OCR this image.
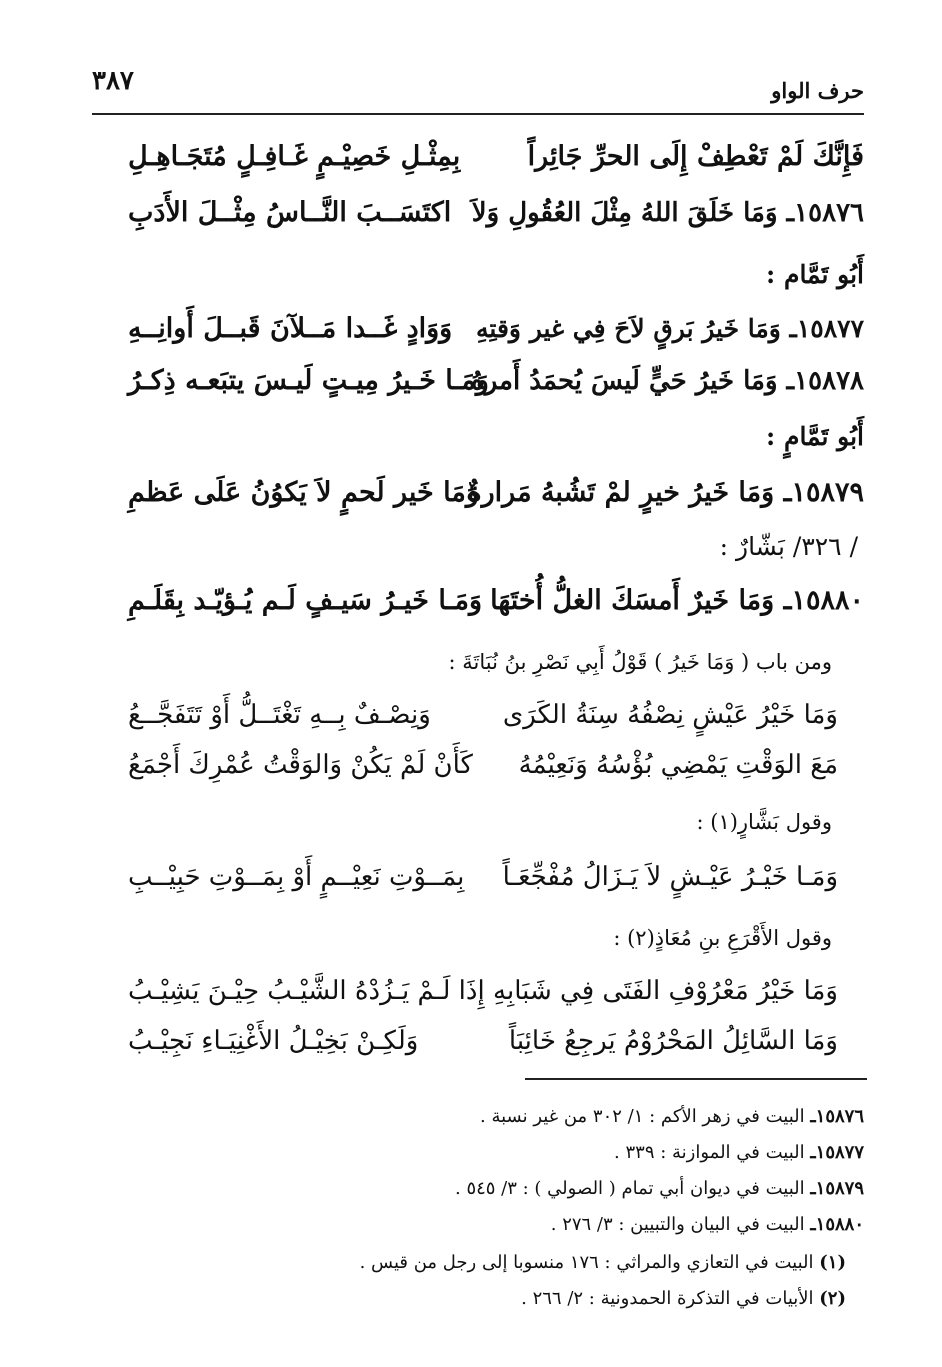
حرف الواو
٣٨٧
فَإِنَّكَ لَمْ تَعْطِفْ إِلَى الحرِّ جَائِراً
بِمِثْـلِ خَصِيْـمٍ غَـافِـلٍ مُتَجَـاهِـلِ
١٥٨٧٦ـ وَمَا خَلَقَ اللهُ مِثْلَ العُقُولِ وَلاَ
اكتَسَــبَ النَّــاسُ مِثْــلَ الأَدَبِ
أَبُو تَمَّام :
١٥٨٧٧ـ وَمَا خَيرُ بَرقٍ لاَحَ فِي غير وَقتِهِ
وَوَادٍ غَــدا مَــلآنَ قَبــلَ أَوانِــهِ
١٥٨٧٨ـ وَمَا خَيرُ حَيٍّ لَيسَ يُحمَدُ أَمرهُ
وَمَـا خَـيرُ مِيـتٍ لَيـسَ يتبَعـه ذِكـرُ
أَبُو تَمَّامٍ :
١٥٨٧٩ـ وَمَا خَيرُ خيرٍ لمْ تَشُبهُ مَرارةٌ
وَمَا خَير لَحمٍ لاَ يَكوُنُ عَلَى عَظمِ
/ ٣٢٦/ بَشّارٌ :
١٥٨٨٠ـ وَمَا خَيرٌ أَمسَكَ الغلُّ أُختَهَا
وَمَـا خَيـرُ سَيـفٍ لَـم يُـؤيّـد بِقَلَـمِ
ومن باب ( وَمَا خَيرُ ) قَوْلُ أَبِي نَصْرِ بنُ نُبَاتَةَ :
وَمَا خَيْرُ عَيْشٍ نِصْفُهُ سِنَةُ الكَرَى
وَنِصْـفٌ بِــهِ تَغْتَــلُّ أَوْ تَتَفَجَّــعُ
مَعَ الوَقْتِ يَمْضِي بُؤْسُهُ وَنَعِيْمُهُ
كَأَنْ لَمْ يَكُنْ وَالوَقْتُ عُمْرِكَ أَجْمَعُ
وقول بَشَّارٍ(١) :
وَمَـا خَيْـرُ عَيْـشٍ لاَ يَـزَالُ مُفْجِّعَـاً
بِمَــوْتِ نَعِيْــمٍ أَوْ بِمَــوْتِ حَبِيْــبِ
وقول الأَقْرَعِ بنِ مُعَاذٍ(٢) :
وَمَا خَيْرُ مَعْرُوْفِ الفَتَى فِي شَبَابِهِ
إِذَا لَـمْ يَـزُدْهُ الشَّيْـبُ حِيْـنَ يَشِيْـبُ
وَمَا السَّائِلُ المَحْرُوْمُ يَرجِعُ خَائِبَاً
وَلَكِـنْ بَخِيْـلُ الأَغْنِيَـاءِ نَجِيْـبُ
١٥٨٧٦ـ البيت في زهر الأكم : ١/ ٣٠٢ من غير نسبة .
١٥٨٧٧ـ البيت في الموازنة : ٣٣٩ .
١٥٨٧٩ـ البيت في ديوان أبي تمام ( الصولي ) : ٣/ ٥٤٥ .
١٥٨٨٠ـ البيت في البيان والتبيين : ٣/ ٢٧٦ .
(١) البيت في التعازي والمراثي : ١٧٦ منسوبا إلى رجل من قيس .
(٢) الأبيات في التذكرة الحمدونية : ٢/ ٢٦٦ .
